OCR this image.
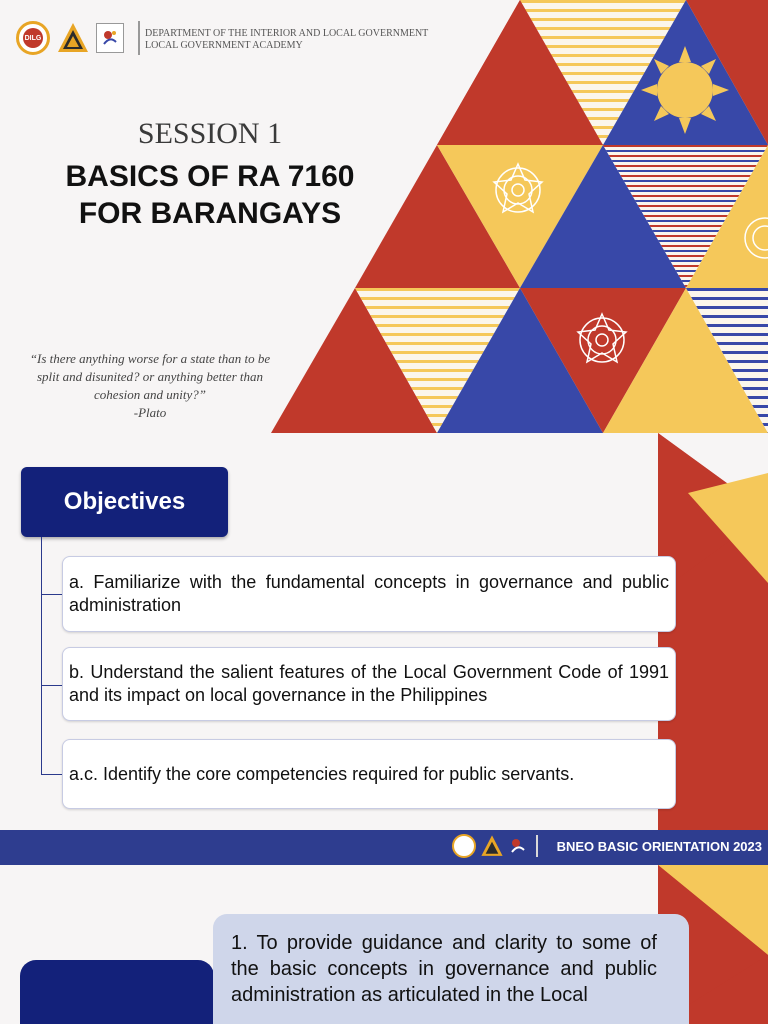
DILG	DEPARTMENT OF THE INTERIOR AND LOCAL GOVERNMENT
LOCAL GOVERNMENT ACADEMY
SESSION 1
BASICS OF RA 7160
FOR BARANGAYS
“Is there anything worse for a state than to be
split and disunited? or anything better than
cohesion and unity?”
-Plato
Objectives
a. Familiarize with the fundamental concepts in governance and public administration
b. Understand the salient features of the Local Government Code of 1991 and its impact on local governance in the Philippines
a.c. Identify the core competencies required for public servants.
BNEO BASIC ORIENTATION 2023
1. To provide guidance and clarity to some of the basic concepts in governance and public administration as articulated in the Local
